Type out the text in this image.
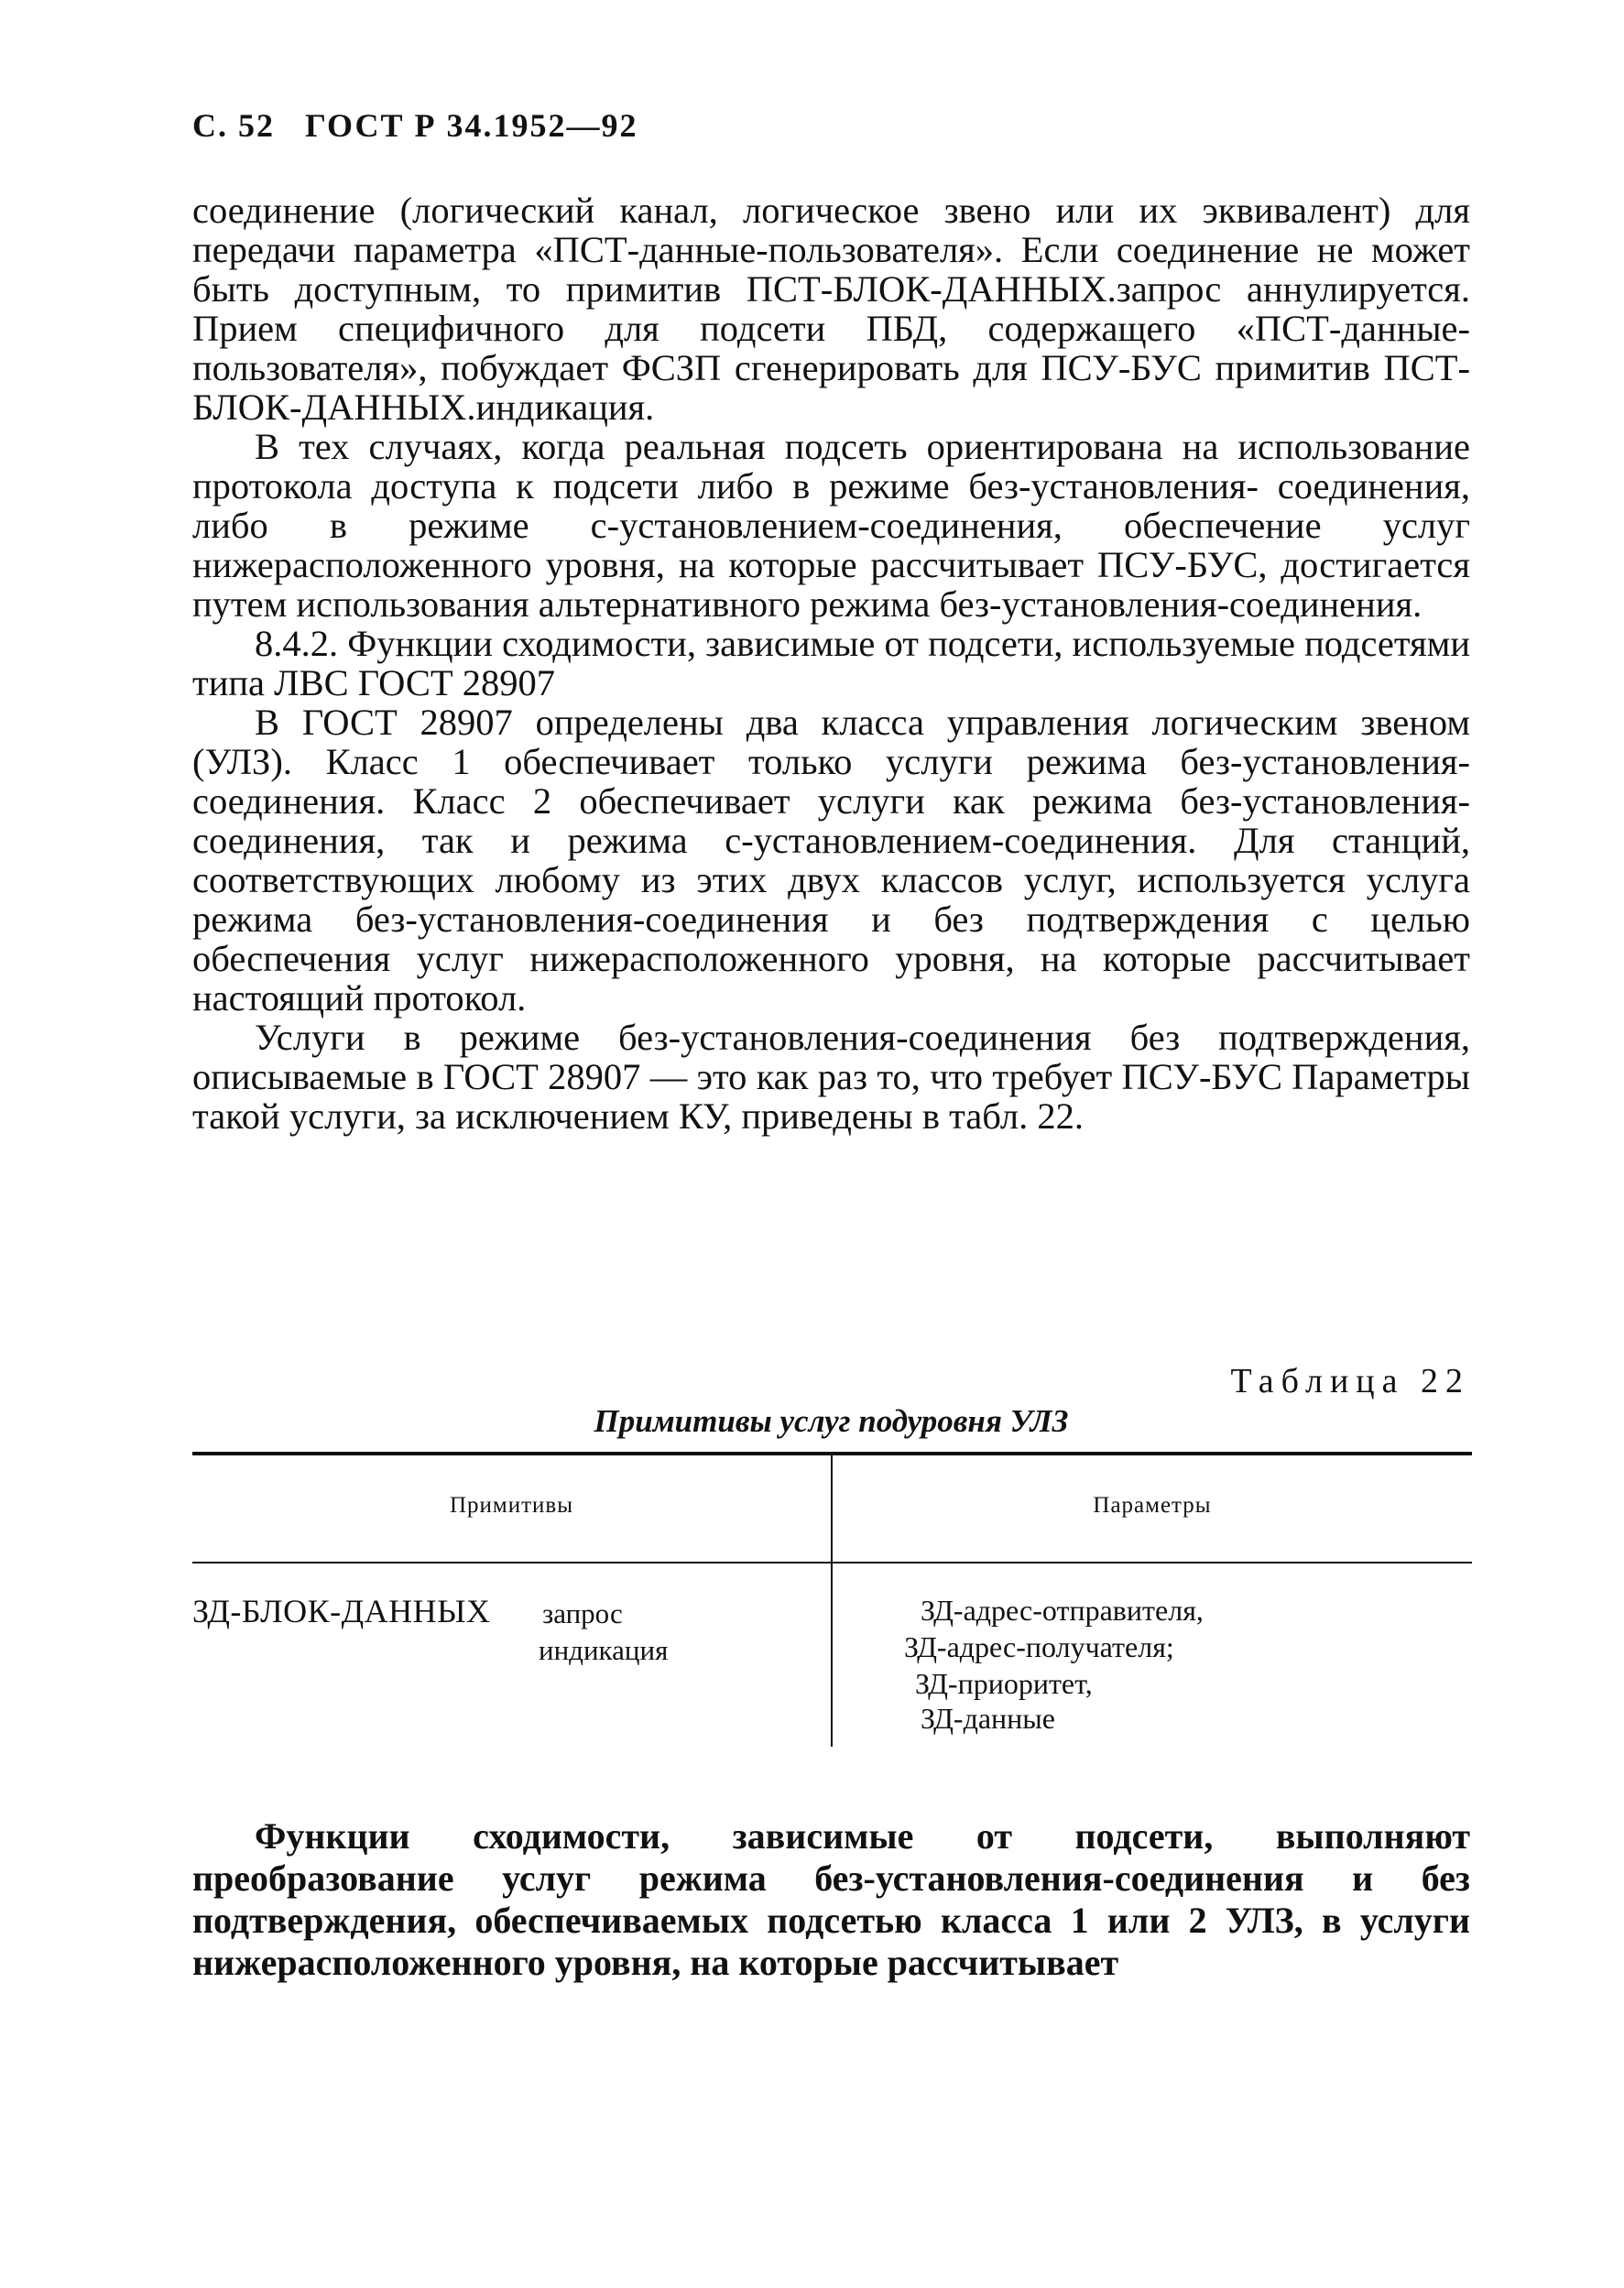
С. 52 ГОСТ Р 34.1952—92

соединение (логический канал, логическое звено или их эквивалент) для передачи параметра «ПСТ-данные-пользователя». Если соединение не может быть доступным, то примитив ПСТ-БЛОК-ДАННЫХ.запрос аннулируется. Прием специфичного для подсети ПБД, содержащего «ПСТ-данные-пользователя», побуждает ФСЗП сгенерировать для ПСУ-БУС примитив ПСТ-БЛОК-ДАННЫХ.индикация.

В тех случаях, когда реальная подсеть ориентирована на использование протокола доступа к подсети либо в режиме без-установления- соединения, либо в режиме с-установлением-соединения, обеспечение услуг нижерасположенного уровня, на которые рассчитывает ПСУ-БУС, достигается путем использования альтернативного режима без-установления-соединения.

8.4.2. Функции сходимости, зависимые от подсети, используемые подсетями типа ЛВС ГОСТ 28907

В ГОСТ 28907 определены два класса управления логическим звеном (УЛЗ). Класс 1 обеспечивает только услуги режима без-установления-соединения. Класс 2 обеспечивает услуги как режима без-установления-соединения, так и режима с-установлением-соединения. Для станций, соответствующих любому из этих двух классов услуг, используется услуга режима без-установления-соединения и без подтверждения с целью обеспечения услуг нижерасположенного уровня, на которые рассчитывает настоящий протокол.

Услуги в режиме без-установления-соединения без подтверждения, описываемые в ГОСТ 28907 — это как раз то, что требует ПСУ-БУС Параметры такой услуги, за исключением КУ, приведены в табл. 22.

Таблица 22
Примитивы услуг подуровня УЛЗ
Примитивы	Параметры
ЗД-БЛОК-ДАННЫХ запрос
индикация
ЗД-адрес-отправителя,
ЗД-адрес-получателя;
ЗД-приоритет,
ЗД-данные

Функции сходимости, зависимые от подсети, выполняют преобразование услуг режима без-установления-соединения и без подтверждения, обеспечиваемых подсетью класса 1 или 2 УЛЗ, в услуги нижерасположенного уровня, на которые рассчитывает
